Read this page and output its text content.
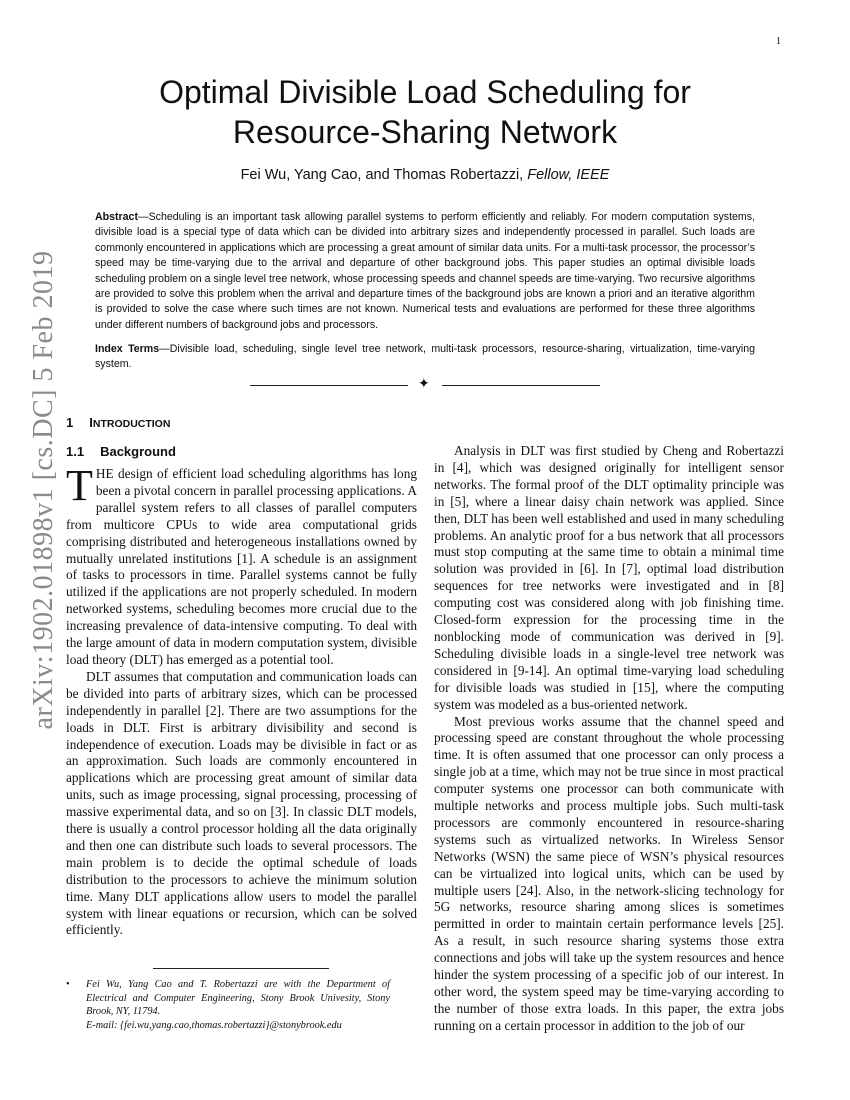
1
arXiv:1902.01898v1 [cs.DC] 5 Feb 2019
Optimal Divisible Load Scheduling for
Resource-Sharing Network
Fei Wu, Yang Cao, and Thomas Robertazzi, Fellow, IEEE
Abstract—Scheduling is an important task allowing parallel systems to perform efficiently and reliably. For modern computation systems, divisible load is a special type of data which can be divided into arbitrary sizes and independently processed in parallel. Such loads are commonly encountered in applications which are processing a great amount of similar data units. For a multi-task processor, the processor’s speed may be time-varying due to the arrival and departure of other background jobs. This paper studies an optimal divisible loads scheduling problem on a single level tree network, whose processing speeds and channel speeds are time-varying. Two recursive algorithms are provided to solve this problem when the arrival and departure times of the background jobs are known a priori and an iterative algorithm is provided to solve the case where such times are not known. Numerical tests and evaluations are performed for these three algorithms under different numbers of background jobs and processors.
Index Terms—Divisible load, scheduling, single level tree network, multi-task processors, resource-sharing, virtualization, time-varying system.
✦
1 INTRODUCTION
1.1 Background

THE design of efficient load scheduling algorithms has long been a pivotal concern in parallel processing applications. A parallel system refers to all classes of parallel computers from multicore CPUs to wide area computational grids comprising distributed and heterogeneous installations owned by mutually unrelated institutions [1]. A schedule is an assignment of tasks to processors in time. Parallel systems cannot be fully utilized if the applications are not properly scheduled. In modern networked systems, scheduling becomes more crucial due to the increasing prevalence of data-intensive computing. To deal with the large amount of data in modern computation system, divisible load theory (DLT) has emerged as a potential tool.

DLT assumes that computation and communication loads can be divided into parts of arbitrary sizes, which can be processed independently in parallel [2]. There are two assumptions for the loads in DLT. First is arbitrary divisibility and second is independence of execution. Loads may be divisible in fact or as an approximation. Such loads are commonly encountered in applications which are processing great amount of similar data units, such as image processing, signal processing, processing of massive experimental data, and so on [3]. In classic DLT models, there is usually a control processor holding all the data originally and then one can distribute such loads to several processors. The main problem is to decide the optimal schedule of loads distribution to the processors to achieve the minimum solution time. Many DLT applications allow users to model the parallel system with linear equations or recursion, which can be solved efficiently.

Analysis in DLT was first studied by Cheng and Robertazzi in [4], which was designed originally for intelligent sensor networks. The formal proof of the DLT optimality principle was in [5], where a linear daisy chain network was applied. Since then, DLT has been well established and used in many scheduling problems. An analytic proof for a bus network that all processors must stop computing at the same time to obtain a minimal time solution was provided in [6]. In [7], optimal load distribution sequences for tree networks were investigated and in [8] computing cost was considered along with job finishing time. Closed-form expression for the processing time in the nonblocking mode of communication was derived in [9]. Scheduling divisible loads in a single-level tree network was considered in [9-14]. An optimal time-varying load scheduling for divisible loads was studied in [15], where the computing system was modeled as a bus-oriented network.

Most previous works assume that the channel speed and processing speed are constant throughout the whole processing time. It is often assumed that one processor can only process a single job at a time, which may not be true since in most practical computer systems one processor can both communicate with multiple networks and process multiple jobs. Such multi-task processors are commonly encountered in resource-sharing systems such as virtualized networks. In Wireless Sensor Networks (WSN) the same piece of WSN’s physical resources can be virtualized into logical units, which can be used by multiple users [24]. Also, in the network-slicing technology for 5G networks, resource sharing among slices is sometimes permitted in order to maintain certain performance levels [25]. As a result, in such resource sharing systems those extra connections and jobs will take up the system resources and hence hinder the system processing of a specific job of our interest. In other word, the system speed may be time-varying according to the number of those extra loads. In this paper, the extra jobs running on a certain processor in addition to the job of our

• Fei Wu, Yang Cao and T. Robertazzi are with the Department of Electrical and Computer Engineering, Stony Brook Univesity, Stony Brook, NY, 11794.
E-mail: {fei.wu,yang.cao,thomas.robertazzi}@stonybrook.edu
